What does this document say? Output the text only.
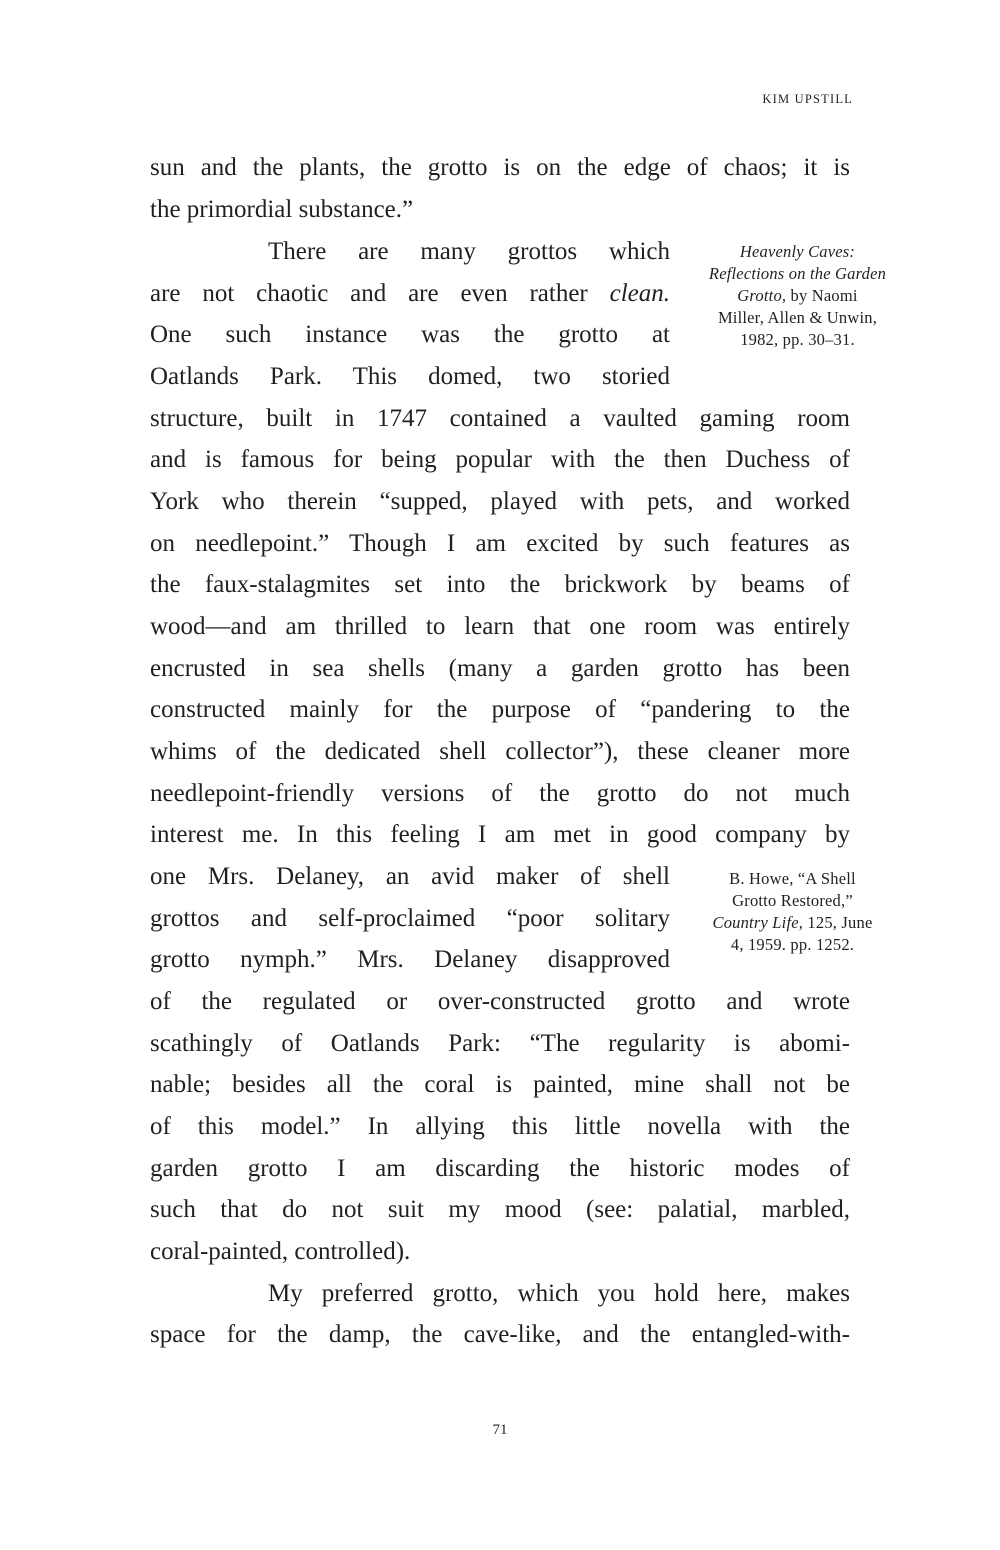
KIM UPSTILL
sun and the plants, the grotto is on the edge of chaos; it is
the primordial substance.”
There are many grottos which
are not chaotic and are even rather clean.
One such instance was the grotto at
Oatlands Park. This domed, two storied
structure, built in 1747 contained a vaulted gaming room
and is famous for being popular with the then Duchess of
York who therein “supped, played with pets, and worked
on needlepoint.” Though I am excited by such features as
the faux-stalagmites set into the brickwork by beams of
wood—and am thrilled to learn that one room was entirely
encrusted in sea shells (many a garden grotto has been
constructed mainly for the purpose of “pandering to the
whims of the dedicated shell collector”), these cleaner more
needlepoint-friendly versions of the grotto do not much
interest me. In this feeling I am met in good company by
one Mrs. Delaney, an avid maker of shell
grottos and self-proclaimed “poor solitary
grotto nymph.” Mrs. Delaney disapproved
of the regulated or over-constructed grotto and wrote
scathingly of Oatlands Park: “The regularity is abomi-
nable; besides all the coral is painted, mine shall not be
of this model.” In allying this little novella with the
garden grotto I am discarding the historic modes of
such that do not suit my mood (see: palatial, marbled,
coral-painted, controlled).
My preferred grotto, which you hold here, makes
space for the damp, the cave-like, and the entangled-with-
Heavenly Caves:
Reflections on the Garden
Grotto, by Naomi
Miller, Allen & Unwin,
1982, pp. 30–31.
B. Howe, “A Shell
Grotto Restored,”
Country Life, 125, June
4, 1959. pp. 1252.
71
